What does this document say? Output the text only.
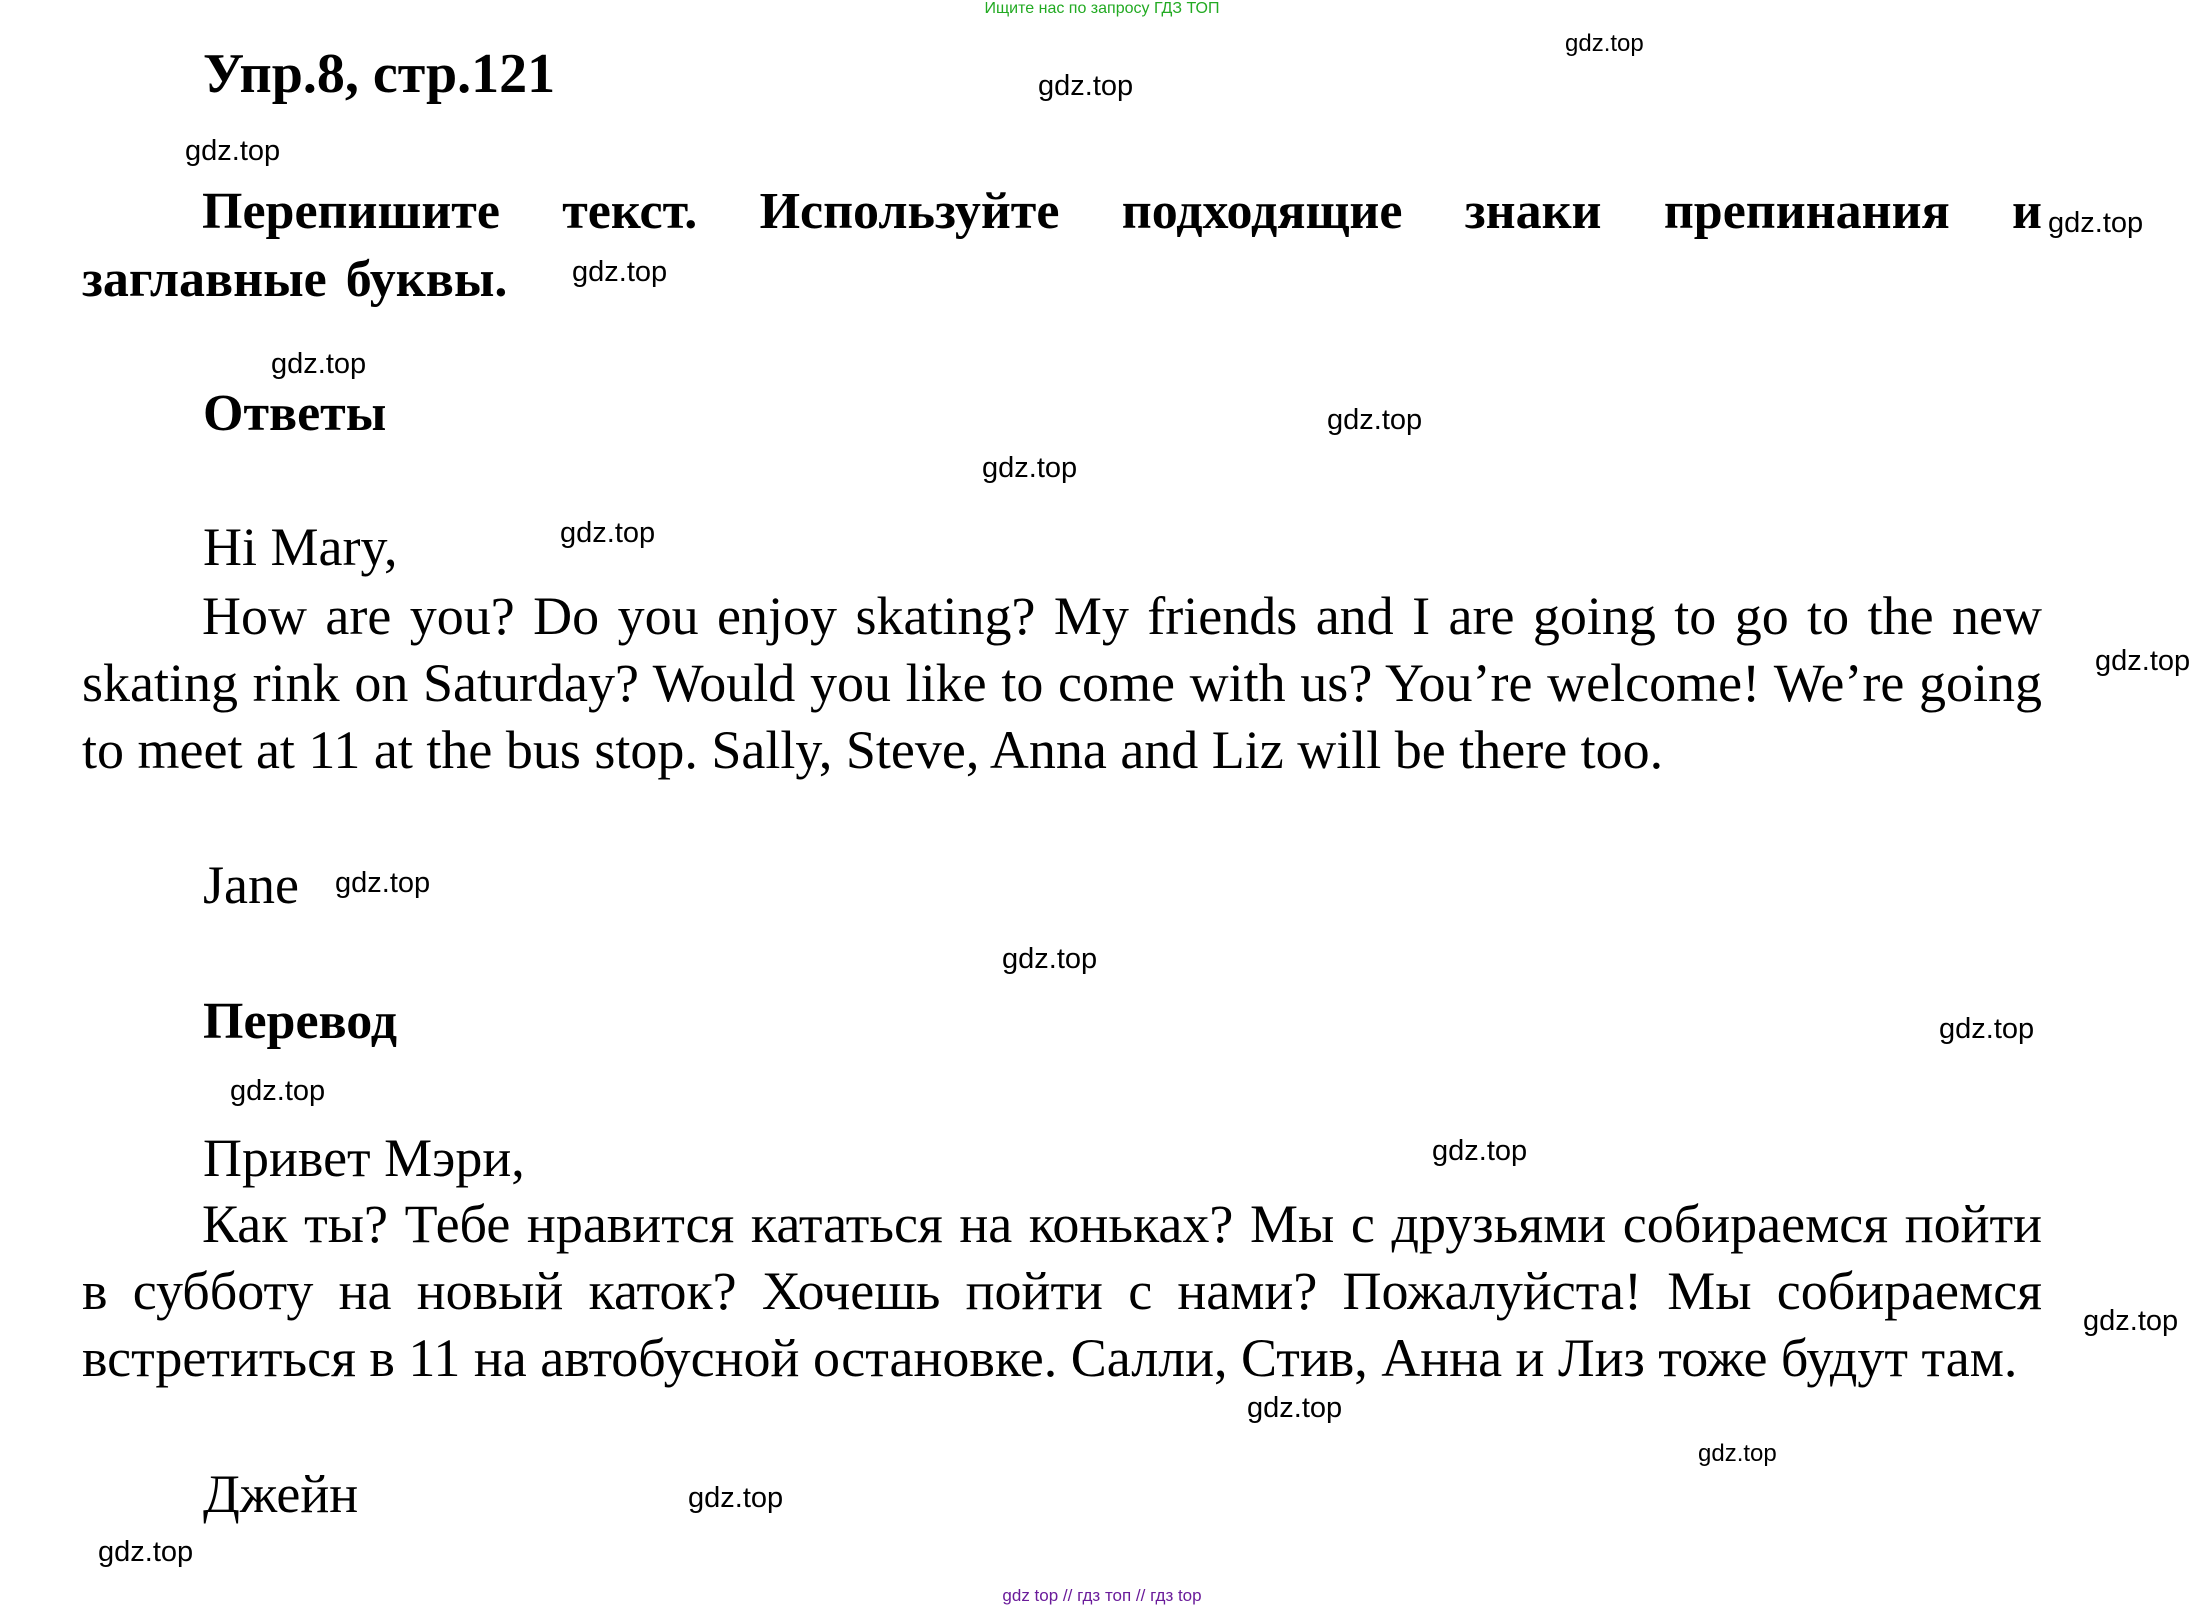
Ищите нас по запросу ГДЗ ТОП
Упр.8, стр.121
Перепишите текст. Используйте подходящие знаки препинания и заглавные буквы.
Ответы
Hi Mary,
How are you? Do you enjoy skating? My friends and I are going to go to the new skating rink on Saturday? Would you like to come with us? You’re welcome! We’re going to meet at 11 at the bus stop. Sally, Steve, Anna and Liz will be there too.
Jane
Перевод
Привет Мэри,
Как ты? Тебе нравится кататься на коньках? Мы с друзьями собираемся пойти в субботу на новый каток? Хочешь пойти с нами? Пожалуйста! Мы собираемся встретиться в 11 на автобусной остановке. Салли, Стив, Анна и Лиз тоже будут там.
Джейн
gdz.top
gdz.top
gdz.top
gdz.top
gdz.top
gdz.top
gdz.top
gdz.top
gdz.top
gdz.top
gdz.top
gdz.top
gdz.top
gdz.top
gdz.top
gdz.top
gdz.top
gdz.top
gdz.top
gdz.top
gdz top // гдз топ // гдз top
